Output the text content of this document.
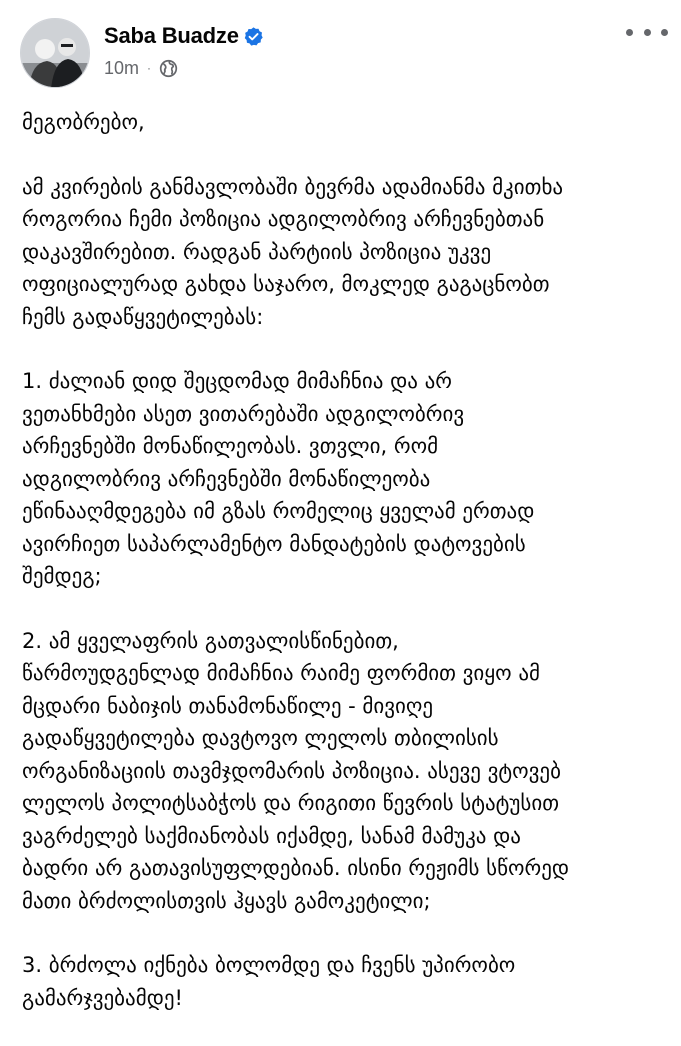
Saba Buadze
10m ·

მეგობრებო,

ამ კვირების განმავლობაში ბევრმა ადამიანმა მკითხა
როგორია ჩემი პოზიცია ადგილობრივ არჩევნებთან
დაკავშირებით. რადგან პარტიის პოზიცია უკვე
ოფიციალურად გახდა საჯარო, მოკლედ გაგაცნობთ
ჩემს გადაწყვეტილებას:

1. ძალიან დიდ შეცდომად მიმაჩნია და არ
ვეთანხმები ასეთ ვითარებაში ადგილობრივ
არჩევნებში მონაწილეობას. ვთვლი, რომ
ადგილობრივ არჩევნებში მონაწილეობა
ეწინააღმდეგება იმ გზას რომელიც ყველამ ერთად
ავირჩიეთ საპარლამენტო მანდატების დატოვების
შემდეგ;

2. ამ ყველაფრის გათვალისწინებით,
წარმოუდგენლად მიმაჩნია რაიმე ფორმით ვიყო ამ
მცდარი ნაბიჯის თანამონაწილე - მივიღე
გადაწყვეტილება დავტოვო ლელოს თბილისის
ორგანიზაციის თავმჯდომარის პოზიცია. ასევე ვტოვებ
ლელოს პოლიტსაბჭოს და რიგითი წევრის სტატუსით
ვაგრძელებ საქმიანობას იქამდე, სანამ მამუკა და
ბადრი არ გათავისუფლდებიან. ისინი რეჟიმს სწორედ
მათი ბრძოლისთვის ჰყავს გამოკეტილი;

3. ბრძოლა იქნება ბოლომდე და ჩვენს უპირობო
გამარჯვებამდე!
